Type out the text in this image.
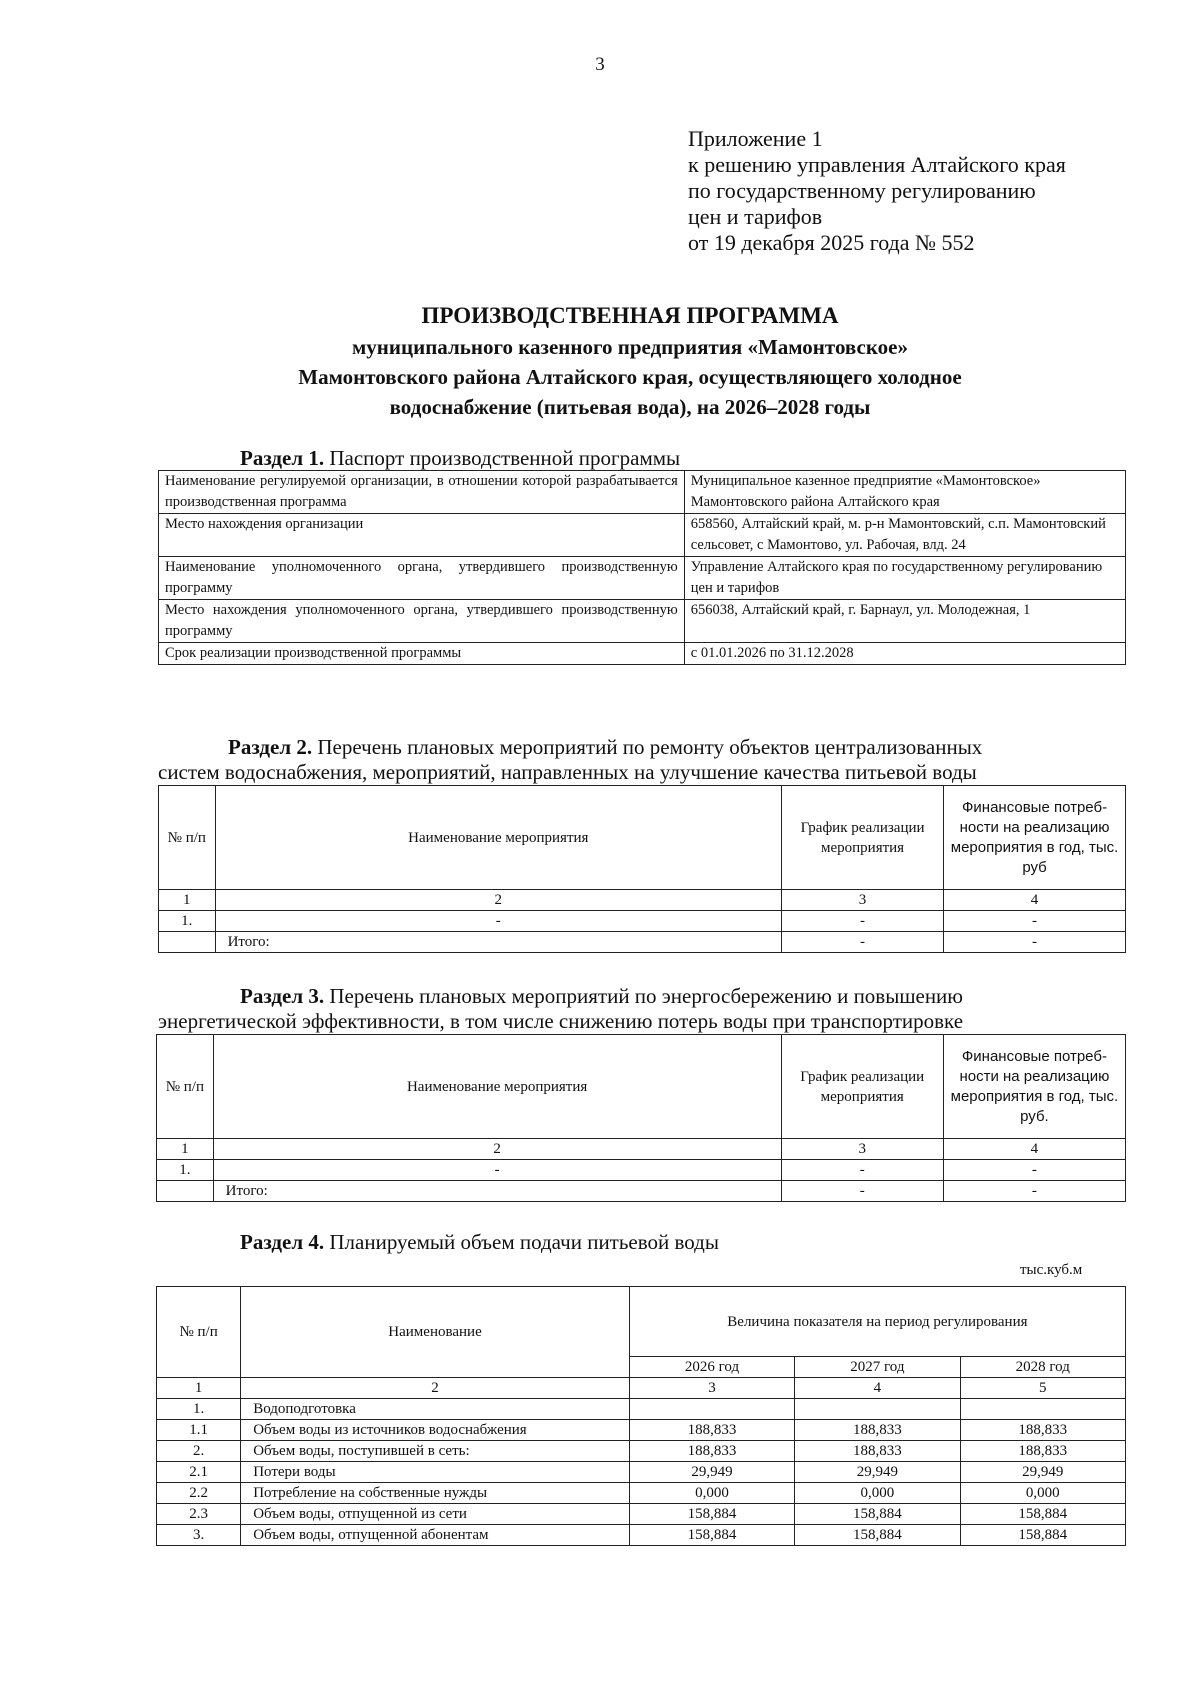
3
Приложение 1
к решению управления Алтайского края
по государственному регулированию
цен и тарифов
от 19 декабря 2025 года № 552
ПРОИЗВОДСТВЕННАЯ ПРОГРАММА
муниципального казенного предприятия «Мамонтовское»
Мамонтовского района Алтайского края, осуществляющего холодное
водоснабжение (питьевая вода), на 2026–2028 годы
Раздел 1. Паспорт производственной программы
Наименование регулируемой организации, в отношении которой разрабатывается производственная программа	Муниципальное казенное предприятие «Мамонтовское» Мамонтовского района Алтайского края
Место нахождения организации	658560, Алтайский край, м. р-н Мамонтовский, с.п. Мамонтовский сельсовет, с Мамонтово, ул. Рабочая, влд. 24
Наименование уполномоченного органа, утвердившего производственную программу	Управление Алтайского края по государственному регулированию цен и тарифов
Место нахождения уполномоченного органа, утвердившего производственную программу	656038, Алтайский край, г. Барнаул, ул. Молодежная, 1
Срок реализации производственной программы	с 01.01.2026 по 31.12.2028
Раздел 2. Перечень плановых мероприятий по ремонту объектов централизованных
систем водоснабжения, мероприятий, направленных на улучшение качества питьевой воды
№ п/п	Наименование мероприятия	График реализации мероприятия	Финансовые потреб-ности на реализацию мероприятия в год, тыс. руб
1	2	3	4
1.	-	-	-
	Итого:	-	-
Раздел 3. Перечень плановых мероприятий по энергосбережению и повышению
энергетической эффективности, в том числе снижению потерь воды при транспортировке
№ п/п	Наименование мероприятия	График реализации мероприятия	Финансовые потреб-ности на реализацию мероприятия в год, тыс. руб.
1	2	3	4
1.	-	-	-
	Итого:	-	-
Раздел 4. Планируемый объем подачи питьевой воды
тыс.куб.м
№ п/п	Наименование	Величина показателя на период регулирования		
		2026 год	2027 год	2028 год
1	2	3	4	5
1.	Водоподготовка			
1.1	Объем воды из источников водоснабжения	188,833	188,833	188,833
2.	Объем воды, поступившей в сеть:	188,833	188,833	188,833
2.1	Потери воды	29,949	29,949	29,949
2.2	Потребление на собственные нужды	0,000	0,000	0,000
2.3	Объем воды, отпущенной из сети	158,884	158,884	158,884
3.	Объем воды, отпущенной абонентам	158,884	158,884	158,884
